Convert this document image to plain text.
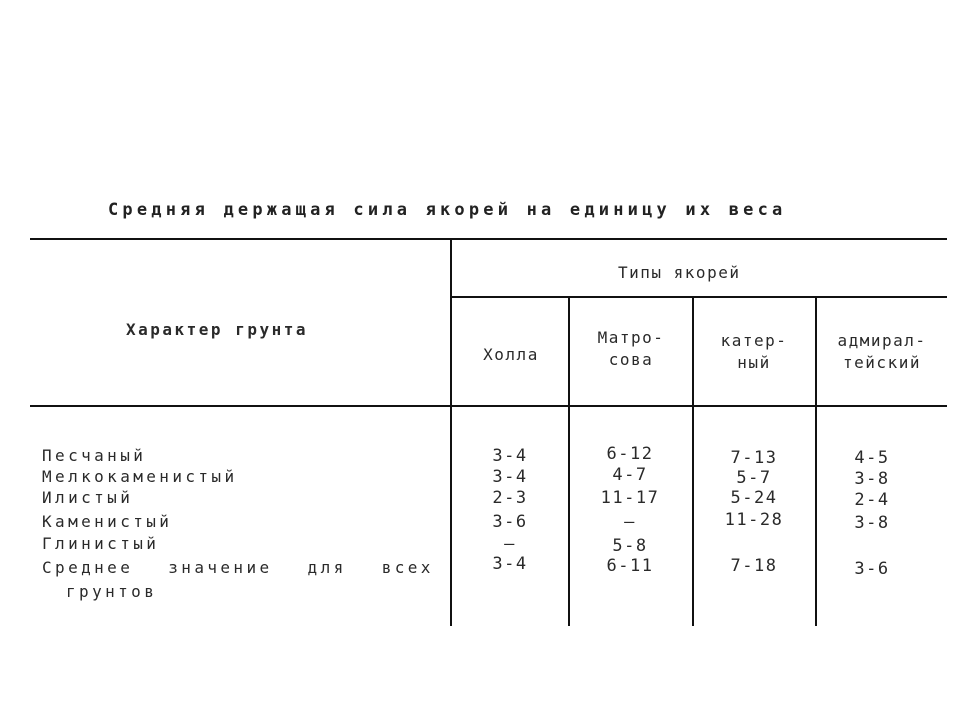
Средняя держащая сила якорей на единицу их веса
Характер грунта
Типы якорей
Холла
Матро-
сова
катер-
ный
адмирал-
тейский
Песчаный
Мелкокаменистый
Илистый
Каменистый
Глинистый
Среднее значение для всех
грунтов
3-4
3-4
2-3
3-6
—
3-4
6-12
4-7
11-17
—
5-8
6-11
7-13
5-7
5-24
11-28
7-18
4-5
3-8
2-4
3-8
3-6
